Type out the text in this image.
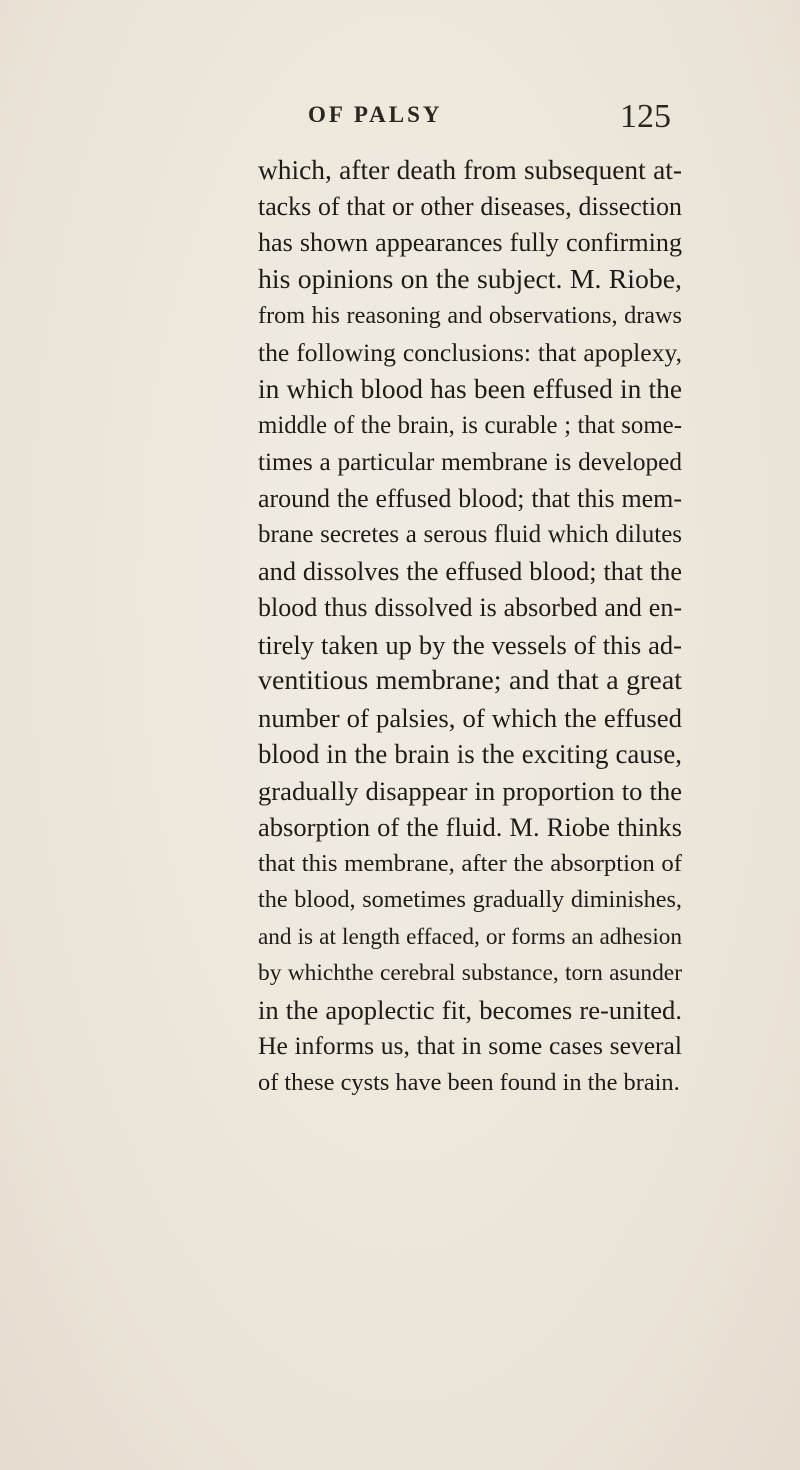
OF PALSY	125
which, after death from subsequent at-
tacks of that or other diseases, dissection
has shown appearances fully confirming
his opinions on the subject. M. Riobe,
from his reasoning and observations, draws
the following conclusions: that apoplexy,
in which blood has been effused in the
middle of the brain, is curable ; that some-
times a particular membrane is developed
around the effused blood; that this mem-
brane secretes a serous fluid which dilutes
and dissolves the effused blood; that the
blood thus dissolved is absorbed and en-
tirely taken up by the vessels of this ad-
ventitious membrane; and that a great
number of palsies, of which the effused
blood in the brain is the exciting cause,
gradually disappear in proportion to the
absorption of the fluid. M. Riobe thinks
that this membrane, after the absorption of
the blood, sometimes gradually diminishes,
and is at length effaced, or forms an adhesion
by whichthe cerebral substance, torn asunder
in the apoplectic fit, becomes re-united.
He informs us, that in some cases several
of these cysts have been found in the brain.
